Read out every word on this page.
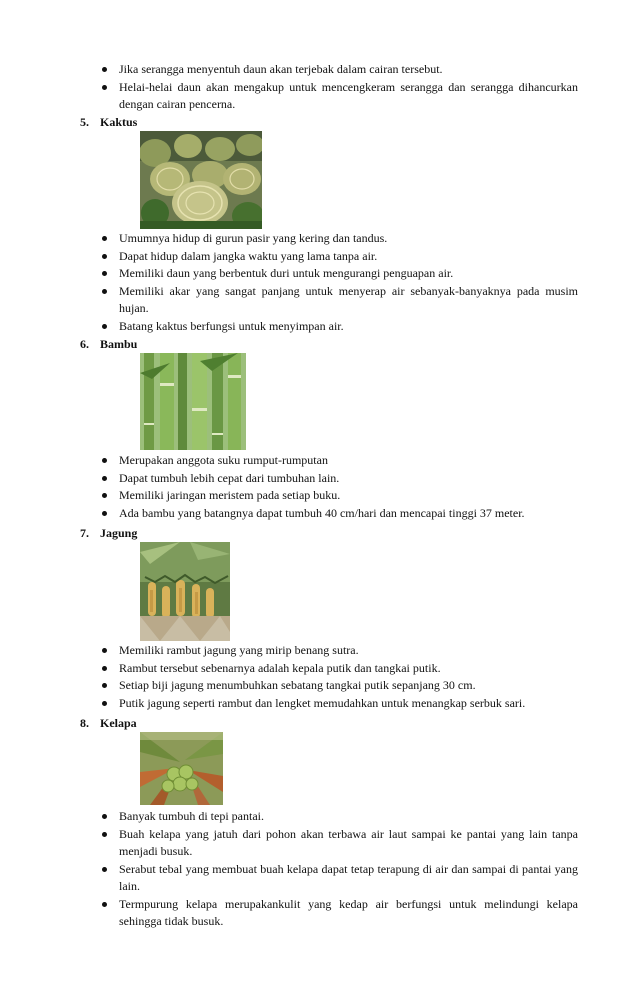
Jika serangga menyentuh daun akan terjebak dalam cairan tersebut.
Helai-helai daun akan mengakup untuk mencengkeram serangga dan serangga dihancurkan dengan cairan pencerna.
5. Kaktus
Umumnya hidup di gurun pasir yang kering dan tandus.
Dapat hidup dalam jangka waktu yang lama tanpa air.
Memiliki daun yang berbentuk duri untuk mengurangi penguapan air.
Memiliki akar yang sangat panjang untuk menyerap air sebanyak-banyaknya pada musim hujan.
Batang kaktus berfungsi untuk menyimpan air.
6. Bambu
Merupakan anggota suku rumput-rumputan
Dapat tumbuh lebih cepat dari tumbuhan lain.
Memiliki jaringan meristem pada setiap buku.
Ada bambu yang batangnya dapat tumbuh 40 cm/hari dan mencapai tinggi 37 meter.
7. Jagung
Memiliki rambut jagung yang mirip benang sutra.
Rambut tersebut sebenarnya adalah kepala putik dan tangkai putik.
Setiap biji jagung menumbuhkan sebatang tangkai putik sepanjang 30 cm.
Putik jagung seperti rambut dan lengket memudahkan untuk menangkap serbuk sari.
8. Kelapa
Banyak tumbuh di tepi pantai.
Buah kelapa yang jatuh dari pohon akan terbawa air laut sampai ke pantai yang lain tanpa menjadi busuk.
Serabut tebal yang membuat buah kelapa dapat tetap terapung di air dan sampai di pantai yang lain.
Termpurung kelapa merupakankulit yang kedap air berfungsi untuk melindungi kelapa sehingga tidak busuk.
